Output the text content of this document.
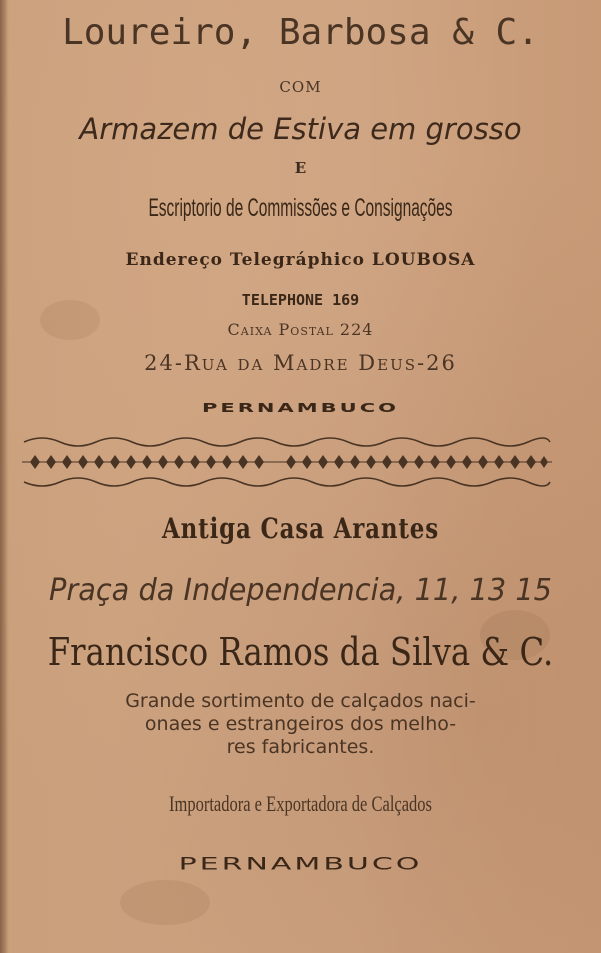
Loureiro, Barbosa & C.
COM
Armazem de Estiva em grosso
E
Escriptorio de Commissões e Consignações
Endereço Telegráphico LOUBOSA
TELEPHONE 169
Caixa Postal 224
24-Rua da Madre Deus-26
PERNAMBUCO
Antiga Casa Arantes
Praça da Independencia, 11, 13 15
Francisco Ramos da Silva & C.
Grande sortimento de calçados naci-
onaes e estrangeiros dos melho-
res fabricantes.
Importadora e Exportadora de Calçados
PERNAMBUCO
